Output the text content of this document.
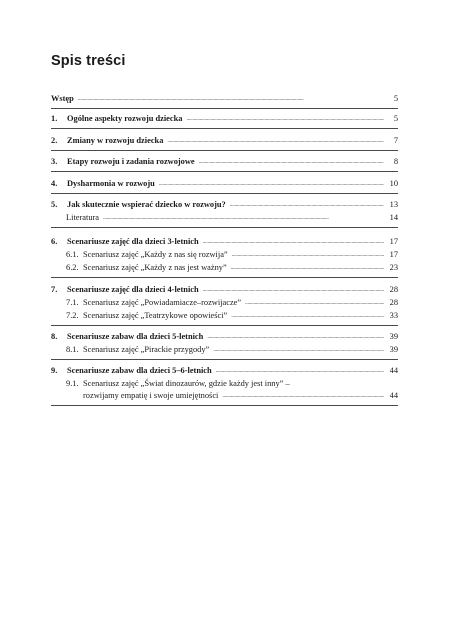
Spis treści
Wstęp . . .	5
1.	Ogólne aspekty rozwoju dziecka . . .	5
2.	Zmiany w rozwoju dziecka . . .	7
3.	Etapy rozwoju i zadania rozwojowe . . .	8
4.	Dysharmonia w rozwoju . . .	10
5.	Jak skutecznie wspierać dziecko w rozwoju? . . .	13
Literatura . . .	14
6.	Scenariusze zajęć dla dzieci 3-letnich . . .	17
6.1. Scenariusz zajęć „Każdy z nas się rozwija” . . .	17
6.2. Scenariusz zajęć „Każdy z nas jest ważny” . . .	23
7.	Scenariusze zajęć dla dzieci 4-letnich . . .	28
7.1. Scenariusz zajęć „Powiadamiacze–rozwijacze” . . .	28
7.2. Scenariusz zajęć „Teatrzykowe opowieści” . . .	33
8.	Scenariusze zabaw dla dzieci 5-letnich . . .	39
8.1. Scenariusz zajęć „Pirackie przygody” . . .	39
9.	Scenariusze zabaw dla dzieci 5–6-letnich . . .	44
9.1. Scenariusz zajęć „Świat dinozaurów, gdzie każdy jest inny” –
rozwijamy empatię i swoje umiejętności . . .	44
